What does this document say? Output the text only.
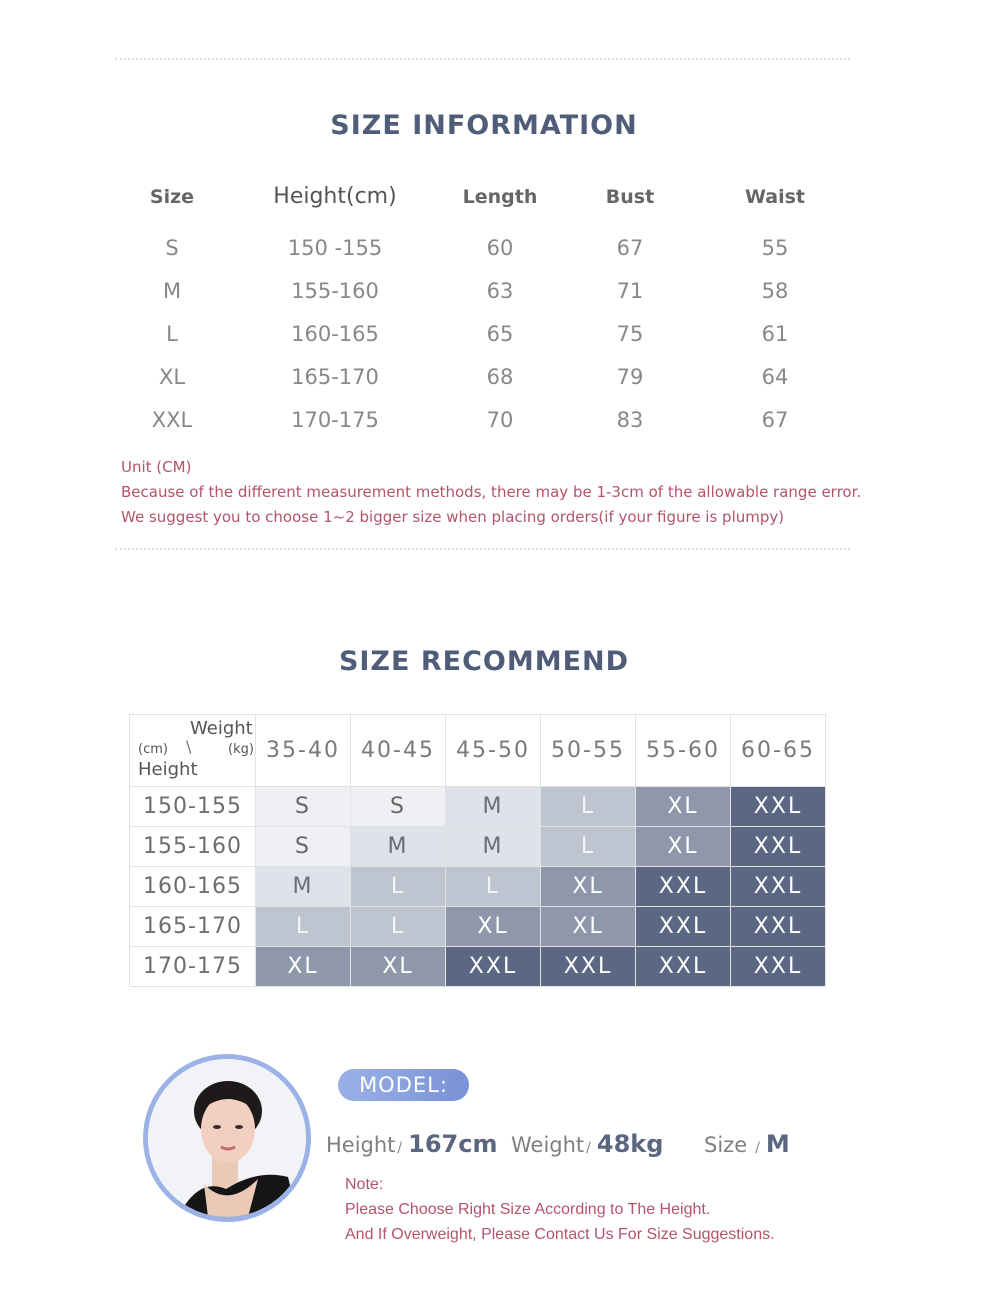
SIZE INFORMATION
Size	Height(cm)	Length	Bust	Waist
S	150 -155	60	67	55
M	155-160	63	71	58
L	160-165	65	75	61
XL	165-170	68	79	64
XXL	170-175	70	83	67
Unit (CM)
Because of the different measurement methods, there may be 1-3cm of the allowable range error.
We suggest you to choose 1~2 bigger size when placing orders(if your figure is plumpy)
SIZE RECOMMEND
Weight
(cm) \ (kg)
Height	35-40	40-45	45-50	50-55	55-60	60-65
150-155	S	S	M	L	XL	XXL
155-160	S	M	M	L	XL	XXL
160-165	M	L	L	XL	XXL	XXL
165-170	L	L	XL	XL	XXL	XXL
170-175	XL	XL	XXL	XXL	XXL	XXL
MODEL:
Height / 167cm Weight / 48kg Size / M
Note:
Please Choose Right Size According to The Height.
And If Overweight, Please Contact Us For Size Suggestions.
